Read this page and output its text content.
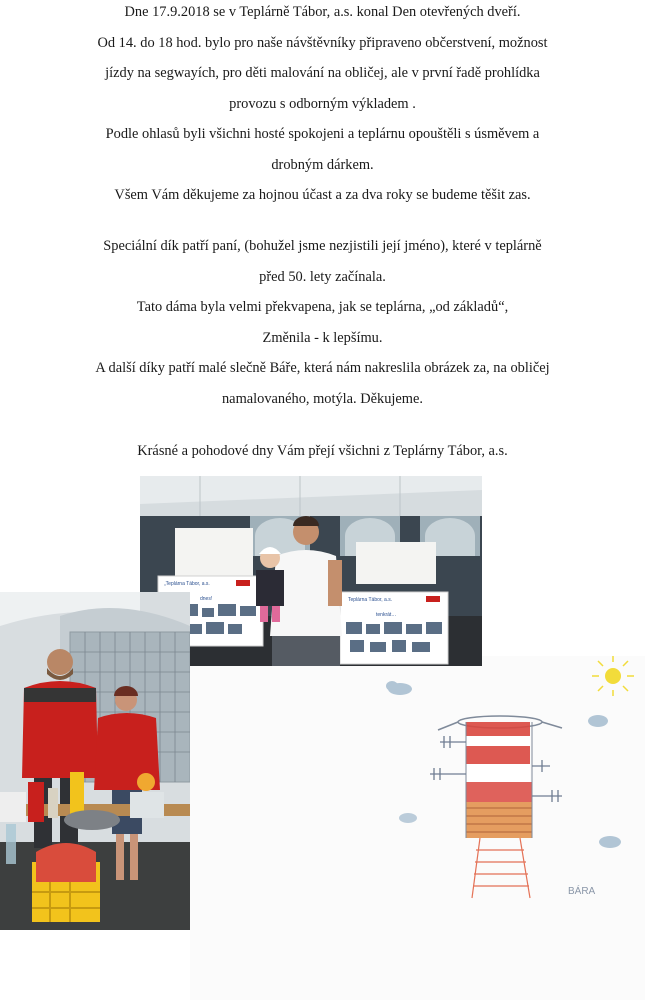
Dne 17.9.2018 se v Teplárně Tábor, a.s. konal Den otevřených dveří.

Od 14. do 18 hod. bylo pro naše návštěvníky připraveno občerstvení, možnost

jízdy na segwayích, pro děti malování na obličej, ale v první řadě prohlídka

provozu s odborným výkladem .

Podle ohlasů byli všichni hosté spokojeni a teplárnu opouštěli s úsměvem a

drobným dárkem.

Všem Vám děkujeme za hojnou účast a za dva roky se budeme těšit zas.

Speciální dík patří paní, (bohužel jsme nezjistili její jméno), které v teplárně

před 50. lety začínala.

Tato dáma byla velmi překvapena, jak se teplárna, „od základů“,

Změnila - k lepšímu.

A další díky patří malé slečně Báře, která nám nakreslila obrázek za, na obličej

namalovaného, motýla. Děkujeme.

Krásné a pohodové dny Vám přejí všichni z Teplárny Tábor, a.s.

BÁRA
„Teplárna Tábor, a.s.
dnes!	Teplárna Tábor, a.s.
tenkrát…
